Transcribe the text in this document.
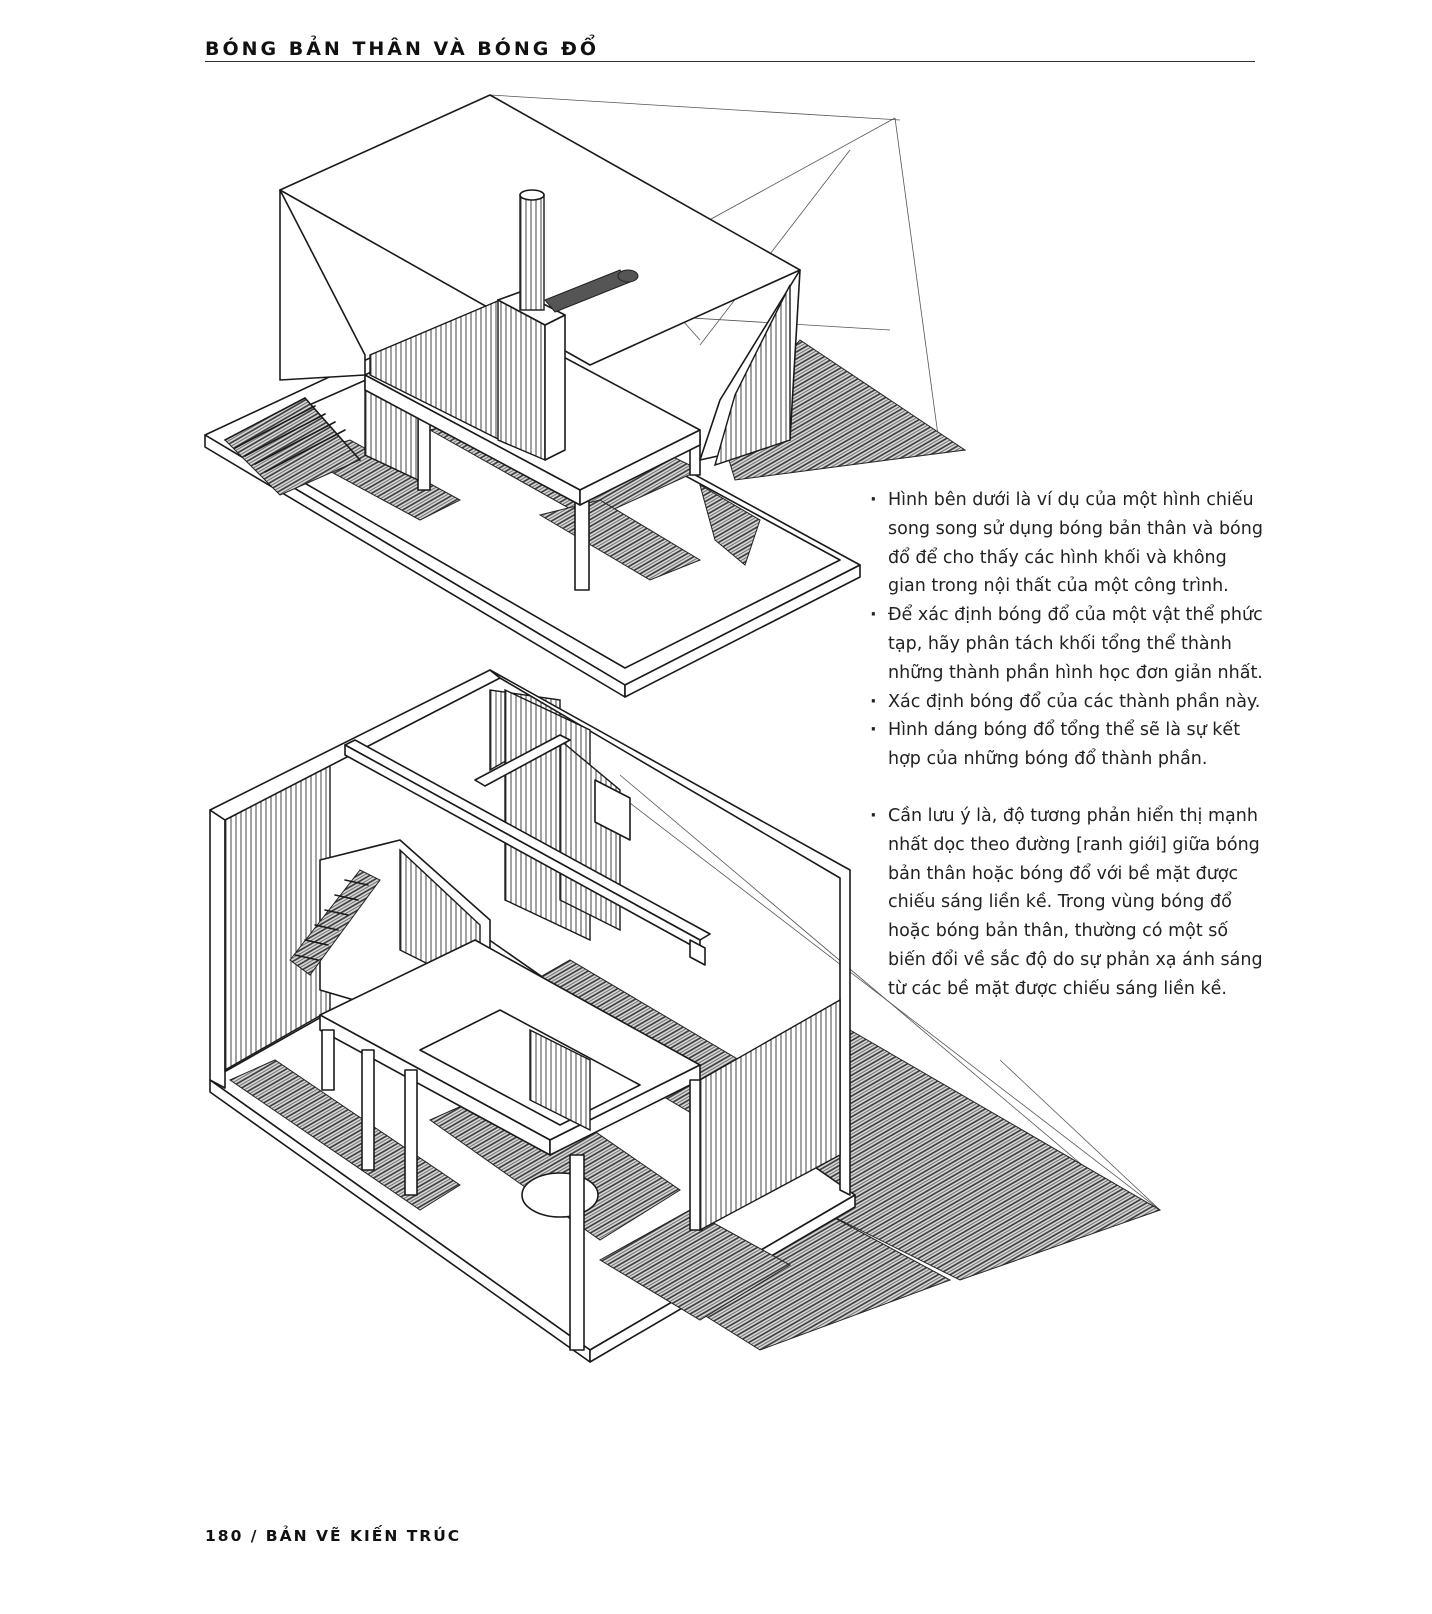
BÓNG BẢN THÂN VÀ BÓNG ĐỔ
· Hình bên dưới là ví dụ của một hình chiếu song song sử dụng bóng bản thân và bóng đổ để cho thấy các hình khối và không gian trong nội thất của một công trình.
· Để xác định bóng đổ của một vật thể phức tạp, hãy phân tách khối tổng thể thành những thành phần hình học đơn giản nhất.
· Xác định bóng đổ của các thành phần này.
· Hình dáng bóng đổ tổng thể sẽ là sự kết hợp của những bóng đổ thành phần.
· Cần lưu ý là, độ tương phản hiển thị mạnh nhất dọc theo đường [ranh giới] giữa bóng bản thân hoặc bóng đổ với bề mặt được chiếu sáng liền kề. Trong vùng bóng đổ hoặc bóng bản thân, thường có một số biến đổi về sắc độ do sự phản xạ ánh sáng từ các bề mặt được chiếu sáng liền kề.
180 / BẢN VẼ KIẾN TRÚC
